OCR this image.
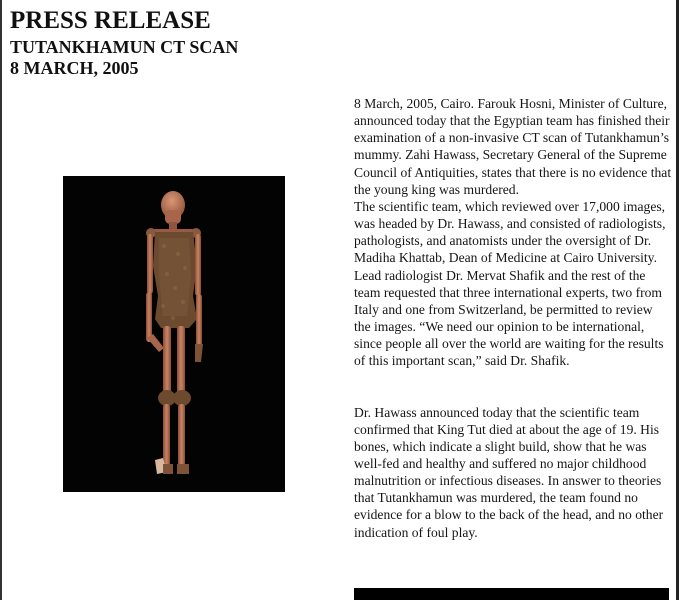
PRESS RELEASE
TUTANKHAMUN CT SCAN
8 MARCH, 2005

8 March, 2005, Cairo. Farouk Hosni, Minister of Culture, announced today that the Egyptian team has finished their examination of a non-invasive CT scan of Tutankhamun’s mummy. Zahi Hawass, Secretary General of the Supreme Council of Antiquities, states that there is no evidence that the young king was murdered.

The scientific team, which reviewed over 17,000 images, was headed by Dr. Hawass, and consisted of radiologists, pathologists, and anatomists under the oversight of Dr. Madiha Khattab, Dean of Medicine at Cairo University.

Lead radiologist Dr. Mervat Shafik and the rest of the team requested that three international experts, two from Italy and one from Switzerland, be permitted to review the images. “We need our opinion to be international, since people all over the world are waiting for the results of this important scan,” said Dr. Shafik.

Dr. Hawass announced today that the scientific team confirmed that King Tut died at about the age of 19. His bones, which indicate a slight build, show that he was well-fed and healthy and suffered no major childhood malnutrition or infectious diseases. In answer to theories that Tutankhamun was murdered, the team found no evidence for a blow to the back of the head, and no other indication of foul play.
